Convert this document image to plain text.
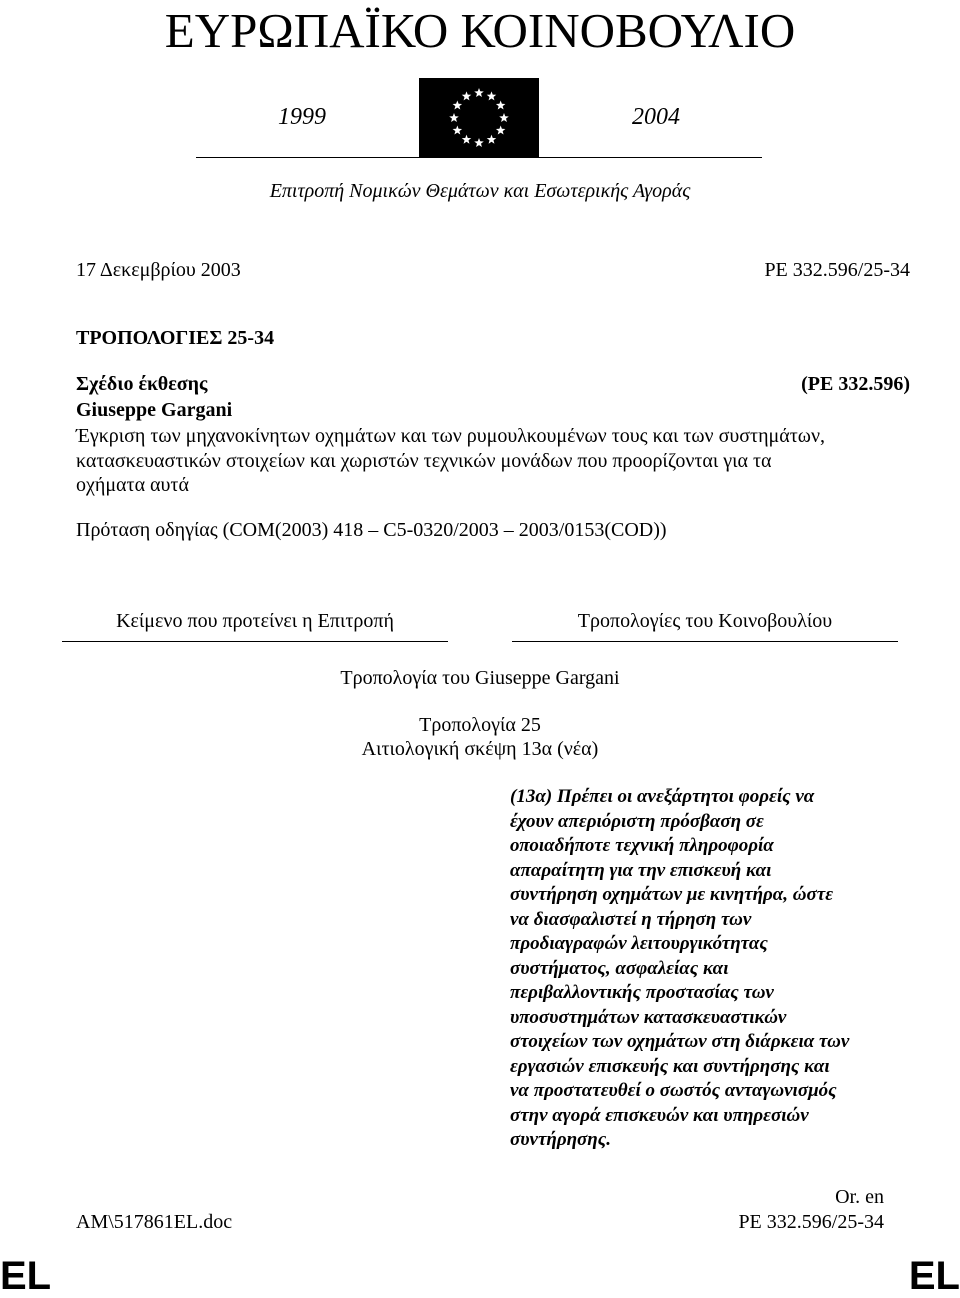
ΕΥΡΩΠΑΪΚΟ ΚΟΙΝΟΒΟΥΛΙΟ
1999	2004
Επιτροπή Νομικών Θεμάτων και Εσωτερικής Αγοράς
17 Δεκεμβρίου 2003	PE 332.596/25-34
ΤΡΟΠΟΛΟΓΙΕΣ 25-34
Σχέδιο έκθεσης	(PE 332.596)
Giuseppe Gargani
Έγκριση των μηχανοκίνητων οχημάτων και των ρυμουλκουμένων τους και των συστημάτων,
κατασκευαστικών στοιχείων και χωριστών τεχνικών μονάδων που προορίζονται για τα
οχήματα αυτά
Πρόταση οδηγίας (COM(2003) 418 – C5-0320/2003 – 2003/0153(COD))
Κείμενο που προτείνει η Επιτροπή	Τροπολογίες του Κοινοβουλίου
Τροπολογία του Giuseppe Gargani
Τροπολογία 25
Αιτιολογική σκέψη 13α (νέα)
(13α) Πρέπει οι ανεξάρτητοι φορείς να
έχουν απεριόριστη πρόσβαση σε
οποιαδήποτε τεχνική πληροφορία
απαραίτητη για την επισκευή και
συντήρηση οχημάτων με κινητήρα, ώστε
να διασφαλιστεί η τήρηση των
προδιαγραφών λειτουργικότητας
συστήματος, ασφαλείας και
περιβαλλοντικής προστασίας των
υποσυστημάτων κατασκευαστικών
στοιχείων των οχημάτων στη διάρκεια των
εργασιών επισκευής και συντήρησης και
να προστατευθεί ο σωστός ανταγωνισμός
στην αγορά επισκευών και υπηρεσιών
συντήρησης.
Or. en
AM\517861EL.doc	PE 332.596/25-34
EL	EL
